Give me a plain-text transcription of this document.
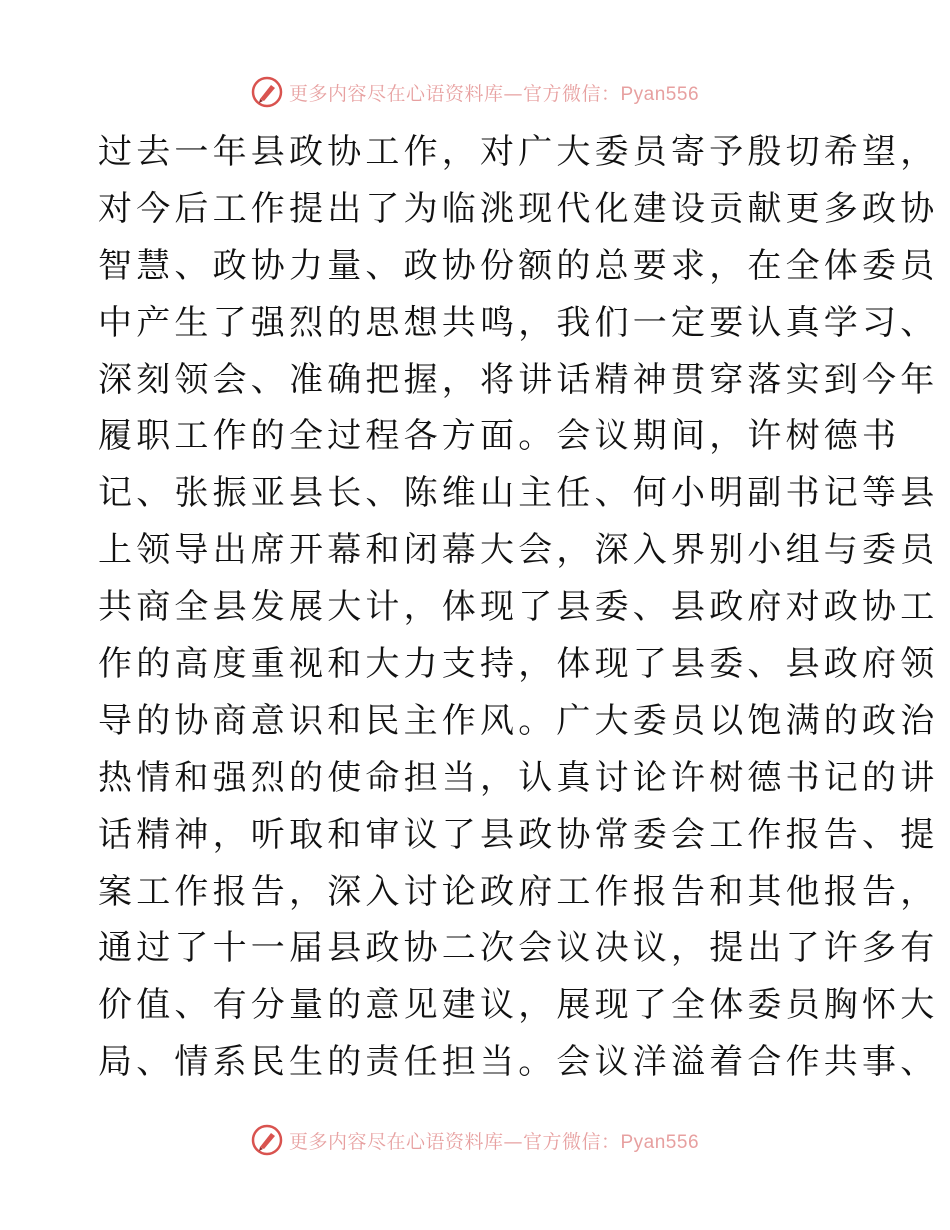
更多内容尽在心语资料库—官方微信：Pyan556
过去一年县政协工作，对广大委员寄予殷切希望，
对今后工作提出了为临洮现代化建设贡献更多政协
智慧、政协力量、政协份额的总要求，在全体委员
中产生了强烈的思想共鸣，我们一定要认真学习、
深刻领会、准确把握，将讲话精神贯穿落实到今年
履职工作的全过程各方面。会议期间，许树德书
记、张振亚县长、陈维山主任、何小明副书记等县
上领导出席开幕和闭幕大会，深入界别小组与委员
共商全县发展大计，体现了县委、县政府对政协工
作的高度重视和大力支持，体现了县委、县政府领
导的协商意识和民主作风。广大委员以饱满的政治
热情和强烈的使命担当，认真讨论许树德书记的讲
话精神，听取和审议了县政协常委会工作报告、提
案工作报告，深入讨论政府工作报告和其他报告，
通过了十一届县政协二次会议决议，提出了许多有
价值、有分量的意见建议，展现了全体委员胸怀大
局、情系民生的责任担当。会议洋溢着合作共事、
更多内容尽在心语资料库—官方微信：Pyan556
